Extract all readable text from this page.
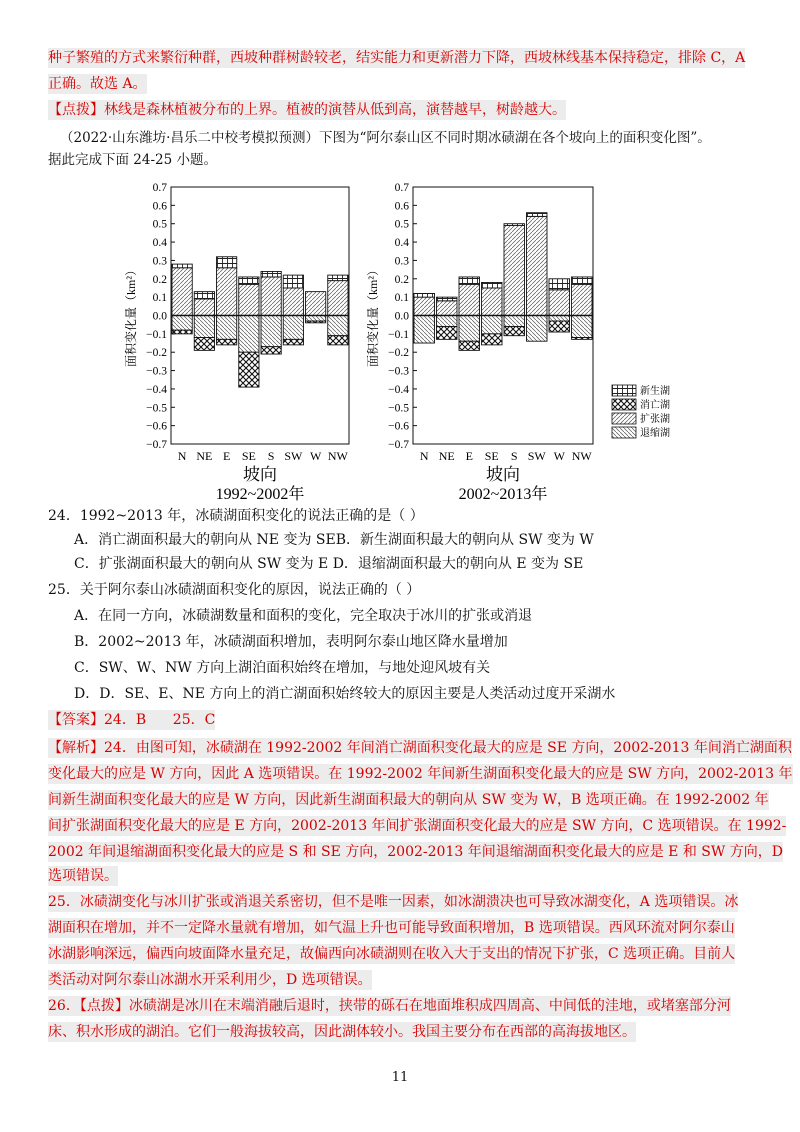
种子繁殖的方式来繁衍种群，西坡种群树龄较老，结实能力和更新潜力下降，西坡林线基本保持稳定，排除 C，A
正确。故选 A。
【点拨】林线是森林植被分布的上界。植被的演替从低到高，演替越早，树龄越大。
（2022·山东潍坊·昌乐二中校考模拟预测）下图为“阿尔泰山区不同时期冰碛湖在各个坡向上的面积变化图”。
据此完成下面 24-25 小题。
0.7
0.6
0.5
0.4
0.3
0.2
0.1
0.0
−0.1
−0.2
−0.3
−0.4
−0.5
−0.6
−0.7
N NE E SE S SW W NW
面积变化量（km²）
坡向
1992~2002年
0.7
0.6
0.5
0.4
0.3
0.2
0.1
0.0
−0.1
−0.2
−0.3
−0.4
−0.5
−0.6
−0.7
N NE E SE S SW W NW
面积变化量（km²）
坡向
2002~2013年
新生湖
消亡湖
扩张湖
退缩湖
24．1992~2013 年，冰碛湖面积变化的说法正确的是（ ）
A．消亡湖面积最大的朝向从 NE 变为 SEB．新生湖面积最大的朝向从 SW 变为 W
C．扩张湖面积最大的朝向从 SW 变为 E D．退缩湖面积最大的朝向从 E 变为 SE
25．关于阿尔泰山冰碛湖面积变化的原因，说法正确的（ ）
A．在同一方向，冰碛湖数量和面积的变化，完全取决于冰川的扩张或消退
B．2002~2013 年，冰碛湖面积增加，表明阿尔泰山地区降水量增加
C．SW、W、NW 方向上湖泊面积始终在增加，与地处迎风坡有关
D．D．SE、E、NE 方向上的消亡湖面积始终较大的原因主要是人类活动过度开采湖水
【答案】24．B      25．C
【解析】24．由图可知，冰碛湖在 1992-2002 年间消亡湖面积变化最大的应是 SE 方向，2002-2013 年间消亡湖面积
变化最大的应是 W 方向，因此 A 选项错误。在 1992-2002 年间新生湖面积变化最大的应是 SW 方向，2002-2013 年
间新生湖面积变化最大的应是 W 方向，因此新生湖面积最大的朝向从 SW 变为 W，B 选项正确。在 1992-2002 年
间扩张湖面积变化最大的应是 E 方向，2002-2013 年间扩张湖面积变化最大的应是 SW 方向，C 选项错误。在 1992-
2002 年间退缩湖面积变化最大的应是 S 和 SE 方向，2002-2013 年间退缩湖面积变化最大的应是 E 和 SW 方向，D
选项错误。
25．冰碛湖变化与冰川扩张或消退关系密切，但不是唯一因素，如冰湖溃决也可导致冰湖变化，A 选项错误。冰
湖面积在增加，并不一定降水量就有增加，如气温上升也可能导致面积增加，B 选项错误。西风环流对阿尔泰山
冰湖影响深远，偏西向坡面降水量充足，故偏西向冰碛湖则在收入大于支出的情况下扩张，C 选项正确。目前人
类活动对阿尔泰山冰湖水开采利用少，D 选项错误。
26．【点拨】冰碛湖是冰川在末端消融后退时，挟带的砾石在地面堆积成四周高、中间低的洼地，或堵塞部分河
床、积水形成的湖泊。它们一般海拔较高，因此湖体较小。我国主要分布在西部的高海拔地区。
11
